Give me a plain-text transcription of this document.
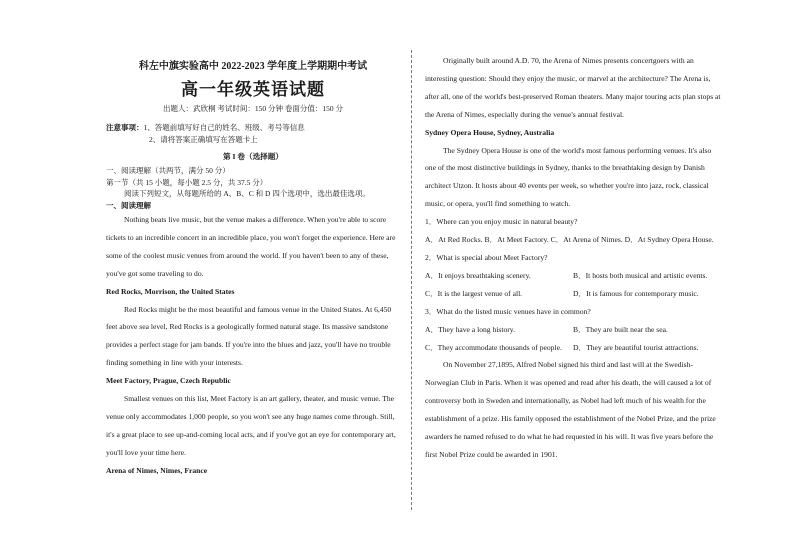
科左中旗实验高中 2022-2023 学年度上学期期中考试
高一年级英语试题
出题人：武欣桐 考试时间：150 分钟 卷面分值：150 分
注意事项：1、答题前填写好自己的姓名、班级、考号等信息
2、请将答案正确填写在答题卡上
第 I 卷（选择题）
一、阅读理解（共两节，满分 50 分）
第一节（共 15 小题，每小题 2.5 分，共 37.5 分）
阅读下列短文，从每题所给的 A、B、C 和 D 四个选项中，选出最佳选项。
一、阅读理解

Nothing beats live music, but the venue makes a difference. When you're able to score tickets to an incredible concert in an incredible place, you won't forget the experience. Here are some of the coolest music venues from around the world. If you haven't been to any of these, you've got some traveling to do.

Red Rocks, Morrison, the United States

Red Rocks might be the most beautiful and famous venue in the United States. At 6,450 feet above sea level, Red Rocks is a geologically formed natural stage. Its massive sandstone provides a perfect stage for jam bands. If you're into the blues and jazz, you'll have no trouble finding something in line with your interests.

Meet Factory, Prague, Czech Republic

Smallest venues on this list, Meet Factory is an art gallery, theater, and music venue. The venue only accommodates 1,000 people, so you won't see any huge names come through. Still, it's a great place to see up-and-coming local acts, and if you've got an eye for contemporary art, you'll love your time here.

Arena of Nimes, Nimes, France

Originally built around A.D. 70, the Arena of Nimes presents concertgoers with an interesting question: Should they enjoy the music, or marvel at the architecture? The Arena is, after all, one of the world's best-preserved Roman theaters. Many major touring acts plan stops at the Arena of Nimes, especially during the venue's annual festival.

Sydney Opera House, Sydney, Australia

The Sydney Opera House is one of the world's most famous performing venues. It's also one of the most distinctive buildings in Sydney, thanks to the breathtaking design by Danish architect Utzon. It hosts about 40 events per week, so whether you're into jazz, rock, classical music, or opera, you'll find something to watch.

1．Where can you enjoy music in natural beauty?

A．At Red Rocks. B．At Meet Factory. C．At Arena of Nimes. D．At Sydney Opera House.

2．What is special about Meet Factory?

A．It enjoys breathtaking scenery.	B．It hosts both musical and artistic events.
C．It is the largest venue of all.	D．It is famous for contemporary music.

3．What do the listed music venues have in common?

A．They have a long history.	B．They are built near the sea.
C．They accommodate thousands of people.	D．They are beautiful tourist attractions.

On November 27,1895, Alfred Nobel signed his third and last will at the Swedish-Norwegian Club in Paris. When it was opened and read after his death, the will caused a lot of controversy both in Sweden and internationally, as Nobel had left much of his wealth for the establishment of a prize. His family opposed the establishment of the Nobel Prize, and the prize awarders he named refused to do what he had requested in his will. It was five years before the first Nobel Prize could be awarded in 1901.
